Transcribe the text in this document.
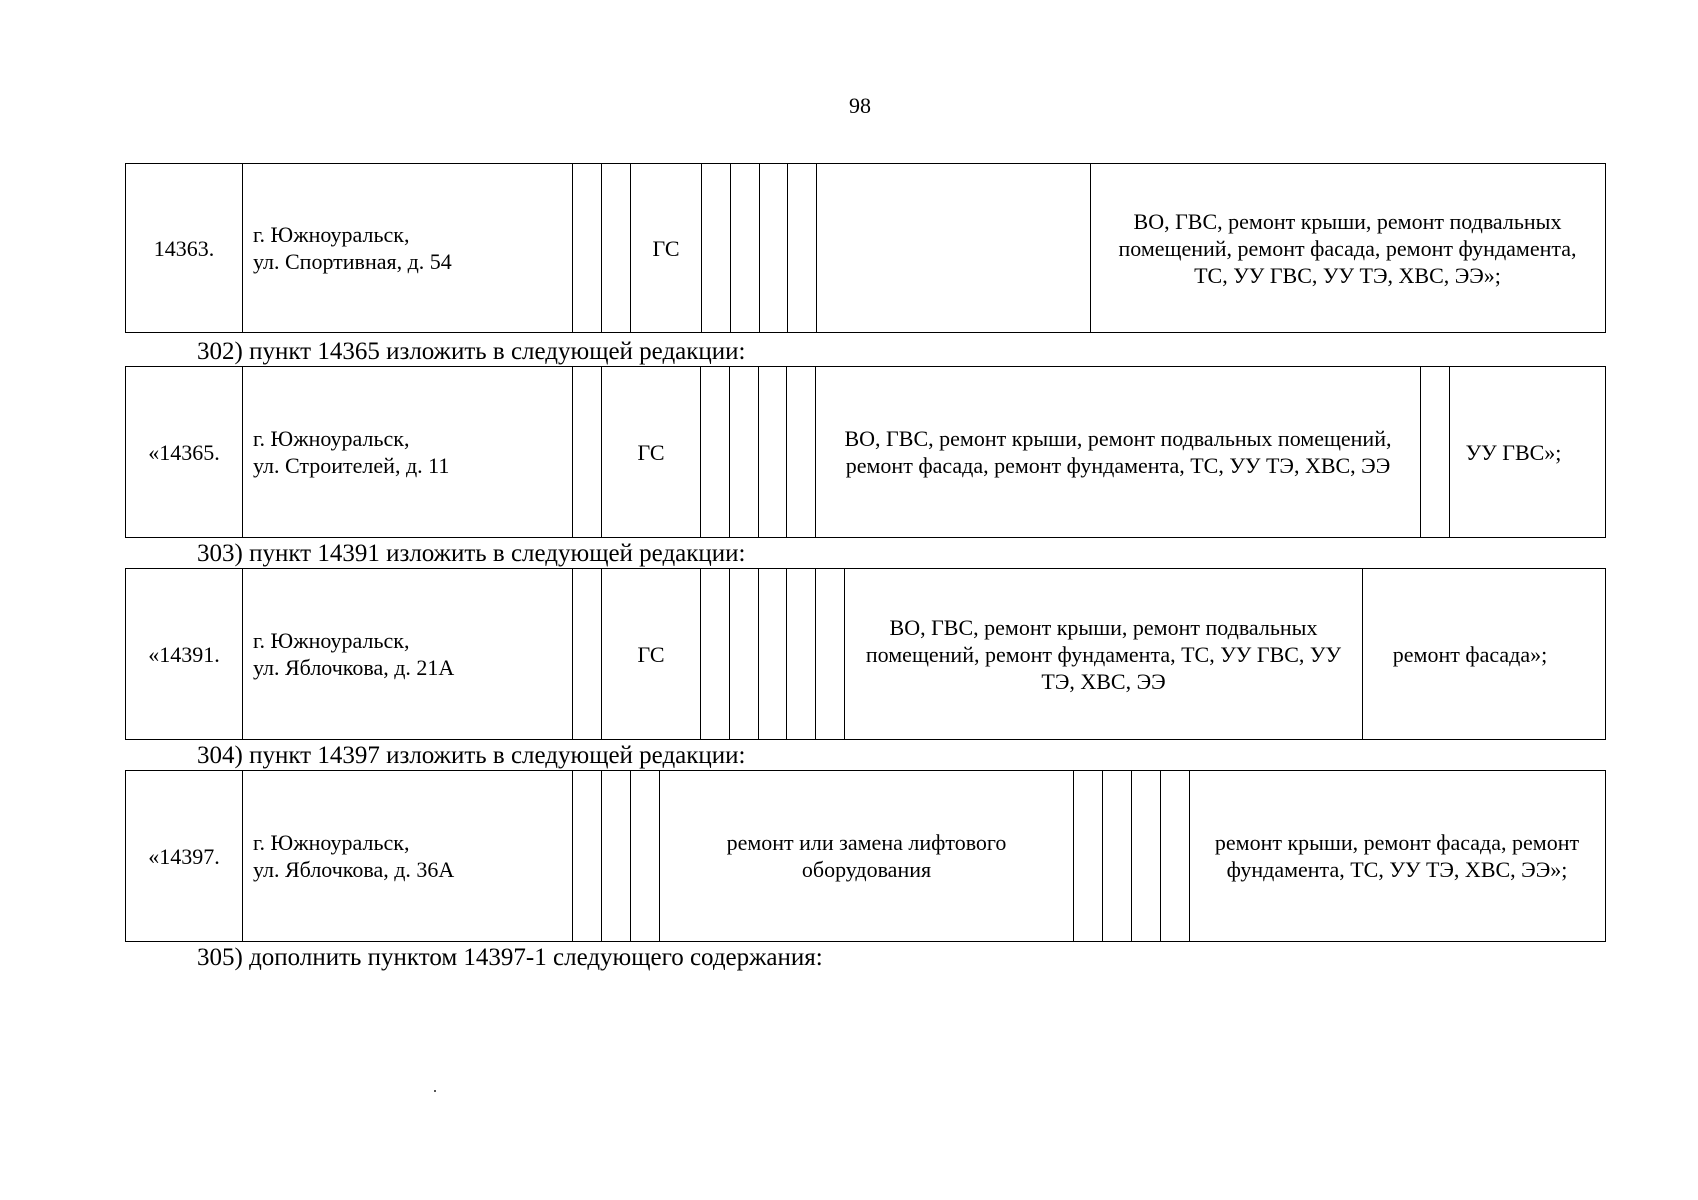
98
14363.
г. Южноуральск,
ул. Спортивная, д. 54
ГС
ВО, ГВС, ремонт крыши, ремонт подвальных помещений, ремонт фасада, ремонт фундамента, ТС, УУ ГВС, УУ ТЭ, ХВС, ЭЭ»;
302) пункт 14365 изложить в следующей редакции:
«14365.
г. Южноуральск,
ул. Строителей, д. 11
ГС
ВО, ГВС, ремонт крыши, ремонт подвальных помещений, ремонт фасада, ремонт фундамента, ТС, УУ ТЭ, ХВС, ЭЭ
УУ ГВС»;
303) пункт 14391 изложить в следующей редакции:
«14391.
г. Южноуральск,
ул. Яблочкова, д. 21А
ГС
ВО, ГВС, ремонт крыши, ремонт подвальных помещений, ремонт фундамента, ТС, УУ ГВС, УУ ТЭ, ХВС, ЭЭ
ремонт фасада»;
304) пункт 14397 изложить в следующей редакции:
«14397.
г. Южноуральск,
ул. Яблочкова, д. 36А
ремонт или замена лифтового оборудования
ремонт крыши, ремонт фасада, ремонт фундамента, ТС, УУ ТЭ, ХВС, ЭЭ»;
305) дополнить пунктом 14397-1 следующего содержания:
